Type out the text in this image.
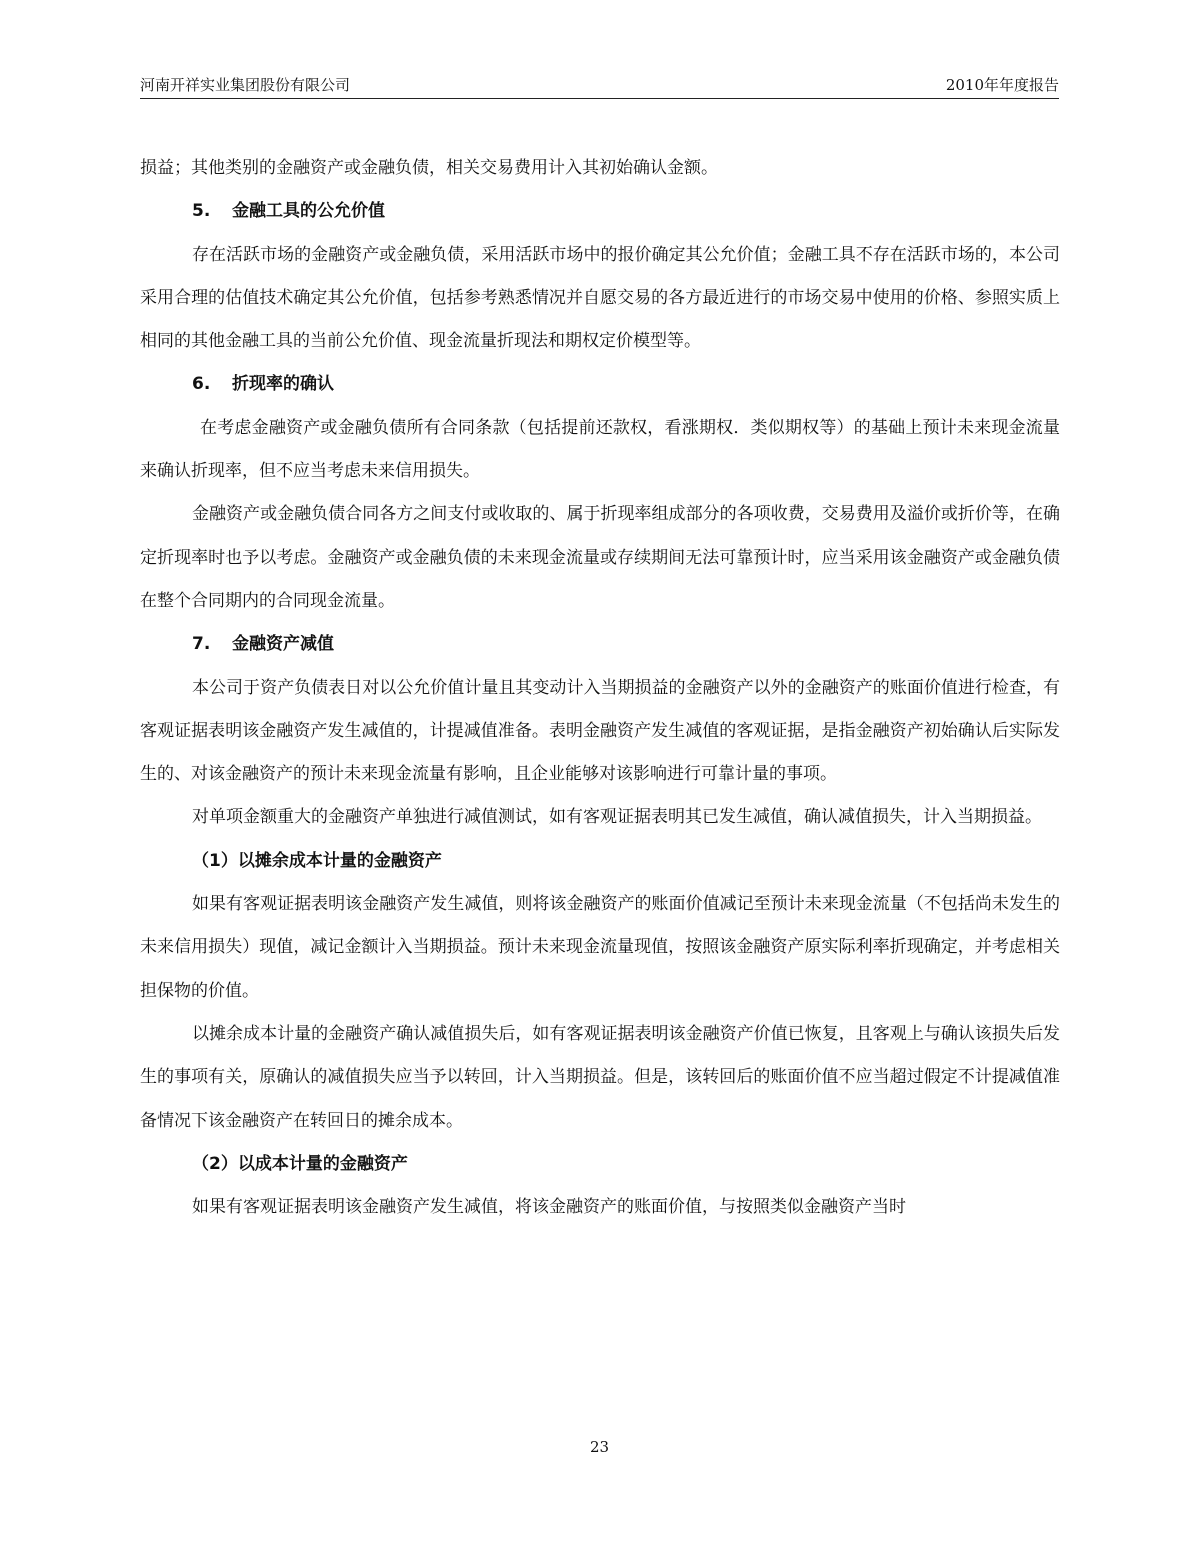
河南开祥实业集团股份有限公司	2010年年度报告

损益；其他类别的金融资产或金融负债，相关交易费用计入其初始确认金额。

5. 金融工具的公允价值

存在活跃市场的金融资产或金融负债，采用活跃市场中的报价确定其公允价值；金融工具不存在活跃市场的，本公司采用合理的估值技术确定其公允价值，包括参考熟悉情况并自愿交易的各方最近进行的市场交易中使用的价格、参照实质上相同的其他金融工具的当前公允价值、现金流量折现法和期权定价模型等。

6. 折现率的确认

在考虑金融资产或金融负债所有合同条款（包括提前还款权，看涨期权．类似期权等）的基础上预计未来现金流量来确认折现率，但不应当考虑未来信用损失。

金融资产或金融负债合同各方之间支付或收取的、属于折现率组成部分的各项收费，交易费用及溢价或折价等，在确定折现率时也予以考虑。金融资产或金融负债的未来现金流量或存续期间无法可靠预计时，应当采用该金融资产或金融负债在整个合同期内的合同现金流量。

7. 金融资产减值

本公司于资产负债表日对以公允价值计量且其变动计入当期损益的金融资产以外的金融资产的账面价值进行检查，有客观证据表明该金融资产发生减值的，计提减值准备。表明金融资产发生减值的客观证据，是指金融资产初始确认后实际发生的、对该金融资产的预计未来现金流量有影响，且企业能够对该影响进行可靠计量的事项。

对单项金额重大的金融资产单独进行减值测试，如有客观证据表明其已发生减值，确认减值损失，计入当期损益。

（1）以摊余成本计量的金融资产

如果有客观证据表明该金融资产发生减值，则将该金融资产的账面价值减记至预计未来现金流量（不包括尚未发生的未来信用损失）现值，减记金额计入当期损益。预计未来现金流量现值，按照该金融资产原实际利率折现确定，并考虑相关担保物的价值。

以摊余成本计量的金融资产确认减值损失后，如有客观证据表明该金融资产价值已恢复，且客观上与确认该损失后发生的事项有关，原确认的减值损失应当予以转回，计入当期损益。但是，该转回后的账面价值不应当超过假定不计提减值准备情况下该金融资产在转回日的摊余成本。

（2）以成本计量的金融资产

如果有客观证据表明该金融资产发生减值，将该金融资产的账面价值，与按照类似金融资产当时

23
